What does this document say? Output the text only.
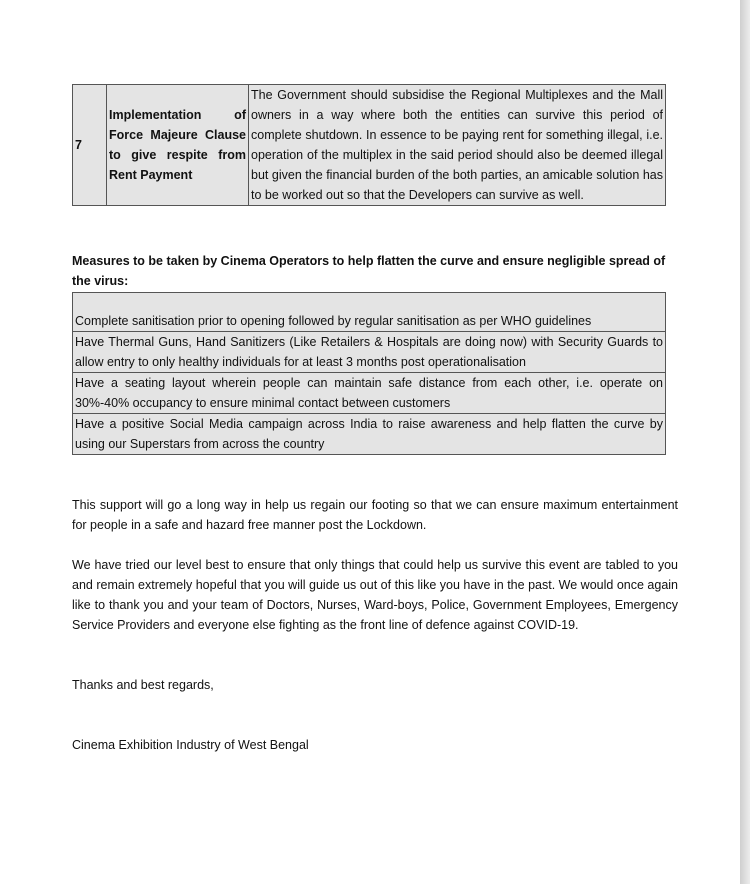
7	Implementation of Force Majeure Clause to give respite from Rent Payment	The Government should subsidise the Regional Multiplexes and the Mall owners in a way where both the entities can survive this period of complete shutdown. In essence to be paying rent for something illegal, i.e. operation of the multiplex in the said period should also be deemed illegal but given the financial burden of the both parties, an amicable solution has to be worked out so that the Developers can survive as well.
Measures to be taken by Cinema Operators to help flatten the curve and ensure negligible spread of the virus:

Complete sanitisation prior to opening followed by regular sanitisation as per WHO guidelines
Have Thermal Guns, Hand Sanitizers (Like Retailers & Hospitals are doing now) with Security Guards to allow entry to only healthy individuals for at least 3 months post operationalisation
Have a seating layout wherein people can maintain safe distance from each other, i.e. operate on 30%-40% occupancy to ensure minimal contact between customers
Have a positive Social Media campaign across India to raise awareness and help flatten the curve by using our Superstars from across the country
This support will go a long way in help us regain our footing so that we can ensure maximum entertainment for people in a safe and hazard free manner post the Lockdown.
We have tried our level best to ensure that only things that could help us survive this event are tabled to you and remain extremely hopeful that you will guide us out of this like you have in the past. We would once again like to thank you and your team of Doctors, Nurses, Ward-boys, Police, Government Employees, Emergency Service Providers and everyone else fighting as the front line of defence against COVID-19.
Thanks and best regards,
Cinema Exhibition Industry of West Bengal
